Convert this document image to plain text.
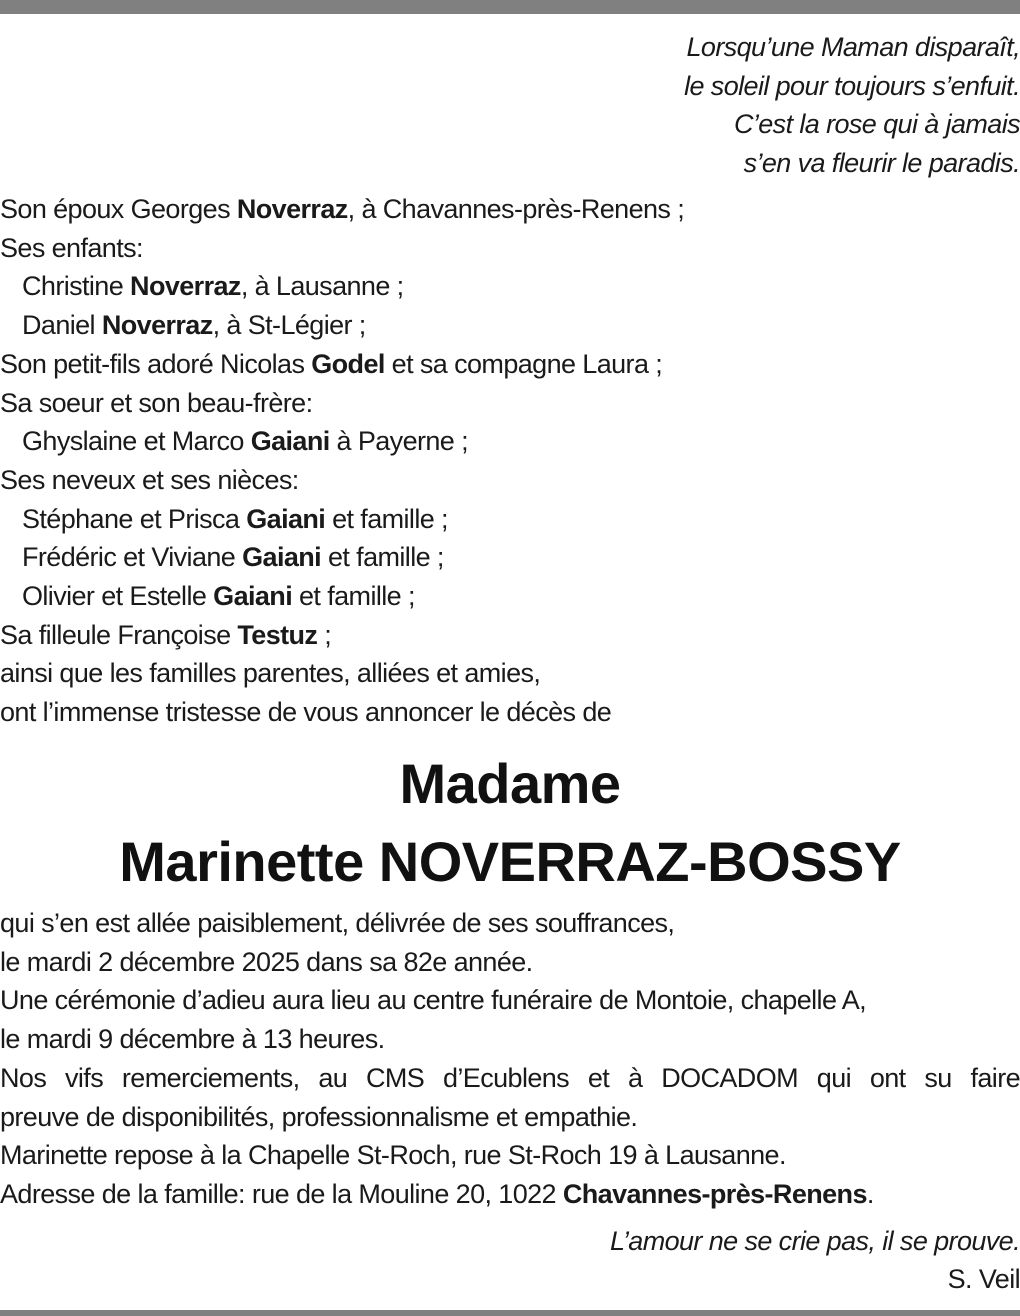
Lorsqu’une Maman disparaît,
le soleil pour toujours s’enfuit.
C’est la rose qui à jamais
s’en va fleurir le paradis.
Son époux Georges Noverraz, à Chavannes-près-Renens ;
Ses enfants:
Christine Noverraz, à Lausanne ;
Daniel Noverraz, à St-Légier ;
Son petit-fils adoré Nicolas Godel et sa compagne Laura ;
Sa soeur et son beau-frère:
Ghyslaine et Marco Gaiani à Payerne ;
Ses neveux et ses nièces:
Stéphane et Prisca Gaiani et famille ;
Frédéric et Viviane Gaiani et famille ;
Olivier et Estelle Gaiani et famille ;
Sa filleule Françoise Testuz ;
ainsi que les familles parentes, alliées et amies,
ont l’immense tristesse de vous annoncer le décès de
Madame
Marinette NOVERRAZ-BOSSY
qui s’en est allée paisiblement, délivrée de ses souffrances,
le mardi 2 décembre 2025 dans sa 82e année.
Une cérémonie d’adieu aura lieu au centre funéraire de Montoie, chapelle A,
le mardi 9 décembre à 13 heures.
Nos vifs remerciements, au CMS d’Ecublens et à DOCADOM qui ont su faire
preuve de disponibilités, professionnalisme et empathie.
Marinette repose à la Chapelle St-Roch, rue St-Roch 19 à Lausanne.
Adresse de la famille: rue de la Mouline 20, 1022 Chavannes-près-Renens.
L’amour ne se crie pas, il se prouve.
S. Veil
